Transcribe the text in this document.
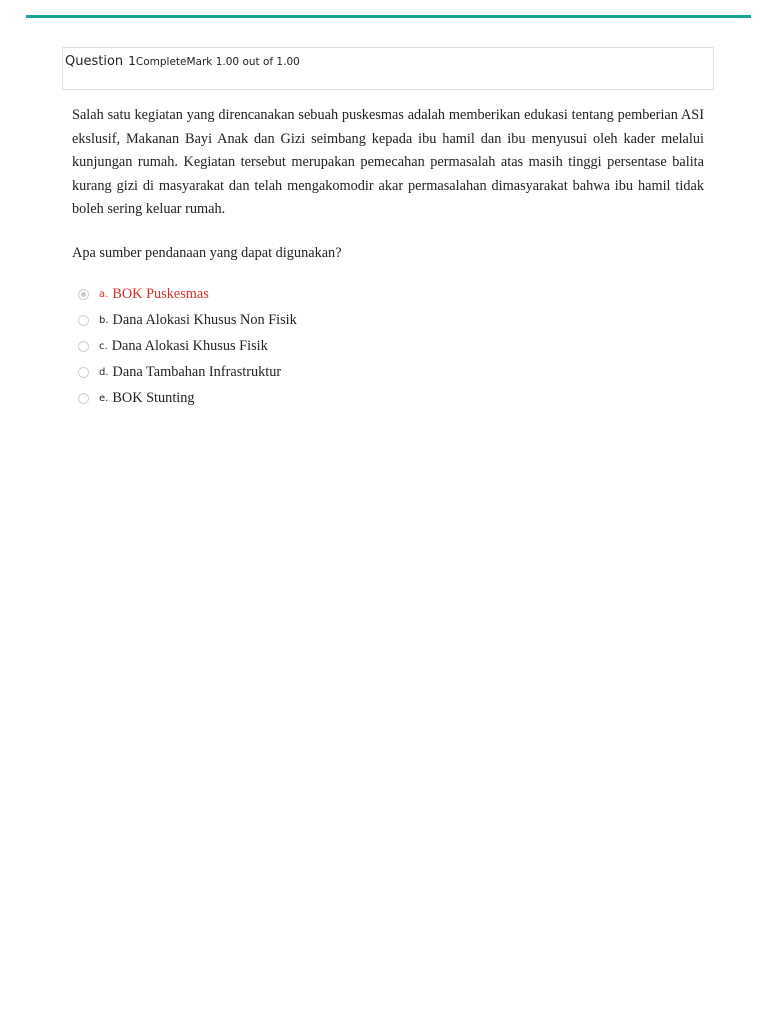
Question 1CompleteMark 1.00 out of 1.00

Salah satu kegiatan yang direncanakan sebuah puskesmas adalah memberikan edukasi tentang pemberian ASI ekslusif, Makanan Bayi Anak dan Gizi seimbang kepada ibu hamil dan ibu menyusui oleh kader melalui kunjungan rumah. Kegiatan tersebut merupakan pemecahan permasalah atas masih tinggi persentase balita kurang gizi di masyarakat dan telah mengakomodir akar permasalahan dimasyarakat bahwa ibu hamil tidak boleh sering keluar rumah.

Apa sumber pendanaan yang dapat digunakan?

a. BOK Puskesmas
b. Dana Alokasi Khusus Non Fisik
c. Dana Alokasi Khusus Fisik
d. Dana Tambahan Infrastruktur
e. BOK Stunting
